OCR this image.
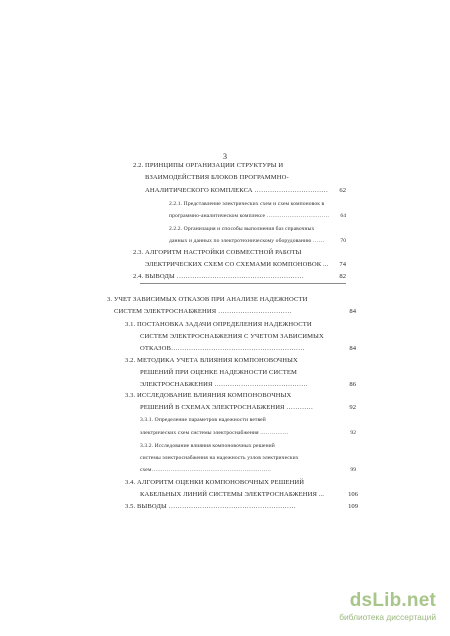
3
2.2. ПРИНЦИПЫ ОРГАНИЗАЦИИ СТРУКТУРЫ И
ВЗАИМОДЕЙСТВИЯ БЛОКОВ ПРОГРАММНО-
АНАЛИТИЧЕСКОГО КОМПЛЕКСА ……………………………	62
2.2.1. Представление электрических схем и схем компоновок в
программно-аналитическом комплексе ……………………………	64
2.2.2. Организация и способы выполнения баз справочных
данных и данных по электротехническому оборудованию ……	70
2.3. АЛГОРИТМ НАСТРОЙКИ СОВМЕСТНОЙ РАБОТЫ
ЭЛЕКТРИЧЕСКИХ СХЕМ СО СХЕМАМИ КОМПОНОВОК ...	74
2.4. ВЫВОДЫ …………………………………………………	82
3. УЧЕТ ЗАВИСИМЫХ ОТКАЗОВ ПРИ АНАЛИЗЕ НАДЕЖНОСТИ
СИСТЕМ ЭЛЕКТРОСНАБЖЕНИЯ ……………………………	84
3.1. ПОСТАНОВКА ЗАДАЧИ ОПРЕДЕЛЕНИЯ НАДЕЖНОСТИ
СИСТЕМ ЭЛЕКТРОСНАБЖЕНИЯ С УЧЕТОМ ЗАВИСИМЫХ
ОТКАЗОВ……………………………………………………	84
3.2. МЕТОДИКА УЧЕТА ВЛИЯНИЯ КОМПОНОВОЧНЫХ
РЕШЕНИЙ ПРИ ОЦЕНКЕ НАДЕЖНОСТИ СИСТЕМ
ЭЛЕКТРОСНАБЖЕНИЯ ……………………………………	86
3.3. ИССЛЕДОВАНИЕ ВЛИЯНИЯ КОМПОНОВОЧНЫХ
РЕШЕНИЙ В СХЕМАХ ЭЛЕКТРОСНАБЖЕНИЯ …………	92
3.3.1. Определение параметров надежности ветвей
электрических схем системы электроснабжения ……………	92
3.3.2. Исследование влияния компоновочных решений
системы электроснабжения на надежность узлов электрических
схем………………………………………………………	99
3.4. АЛГОРИТМ ОЦЕНКИ КОМПОНОВОЧНЫХ РЕШЕНИЙ
КАБЕЛЬНЫХ ЛИНИЙ СИСТЕМЫ ЭЛЕКТРОСНАБЖЕНИЯ ...	106
3.5. ВЫВОДЫ …………………………………………………	109
dsLib.net
библиотека диссертаций
